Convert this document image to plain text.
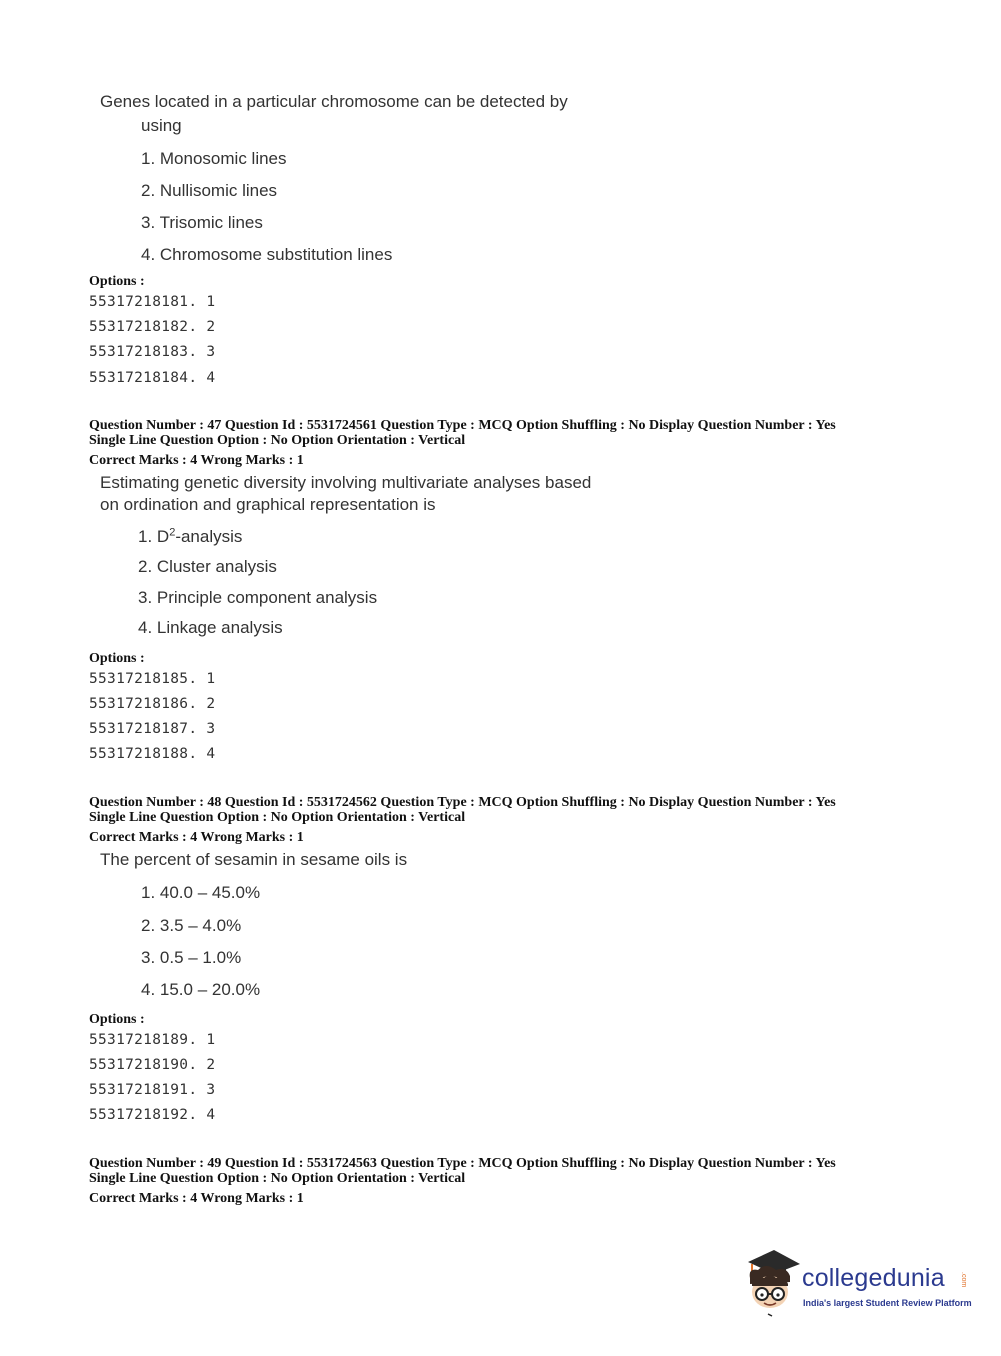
Genes located in a particular chromosome can be detected by
using
1. Monosomic lines
2. Nullisomic lines
3. Trisomic lines
4. Chromosome substitution lines
Options :
55317218181. 1
55317218182. 2
55317218183. 3
55317218184. 4
Question Number : 47 Question Id : 5531724561 Question Type : MCQ Option Shuffling : No Display Question Number : Yes
Single Line Question Option : No Option Orientation : Vertical
Correct Marks : 4 Wrong Marks : 1
Estimating genetic diversity involving multivariate analyses based
on ordination and graphical representation is
1. $D^2$-analysis
2. Cluster analysis
3. Principle component analysis
4. Linkage analysis
Options :
55317218185. 1
55317218186. 2
55317218187. 3
55317218188. 4
Question Number : 48 Question Id : 5531724562 Question Type : MCQ Option Shuffling : No Display Question Number : Yes
Single Line Question Option : No Option Orientation : Vertical
Correct Marks : 4 Wrong Marks : 1
The percent of sesamin in sesame oils is
1. 40.0 – 45.0%
2. 3.5 – 4.0%
3. 0.5 – 1.0%
4. 15.0 – 20.0%
Options :
55317218189. 1
55317218190. 2
55317218191. 3
55317218192. 4
Question Number : 49 Question Id : 5531724563 Question Type : MCQ Option Shuffling : No Display Question Number : Yes
Single Line Question Option : No Option Orientation : Vertical
Correct Marks : 4 Wrong Marks : 1
collegedunia .com
India's largest Student Review Platform
